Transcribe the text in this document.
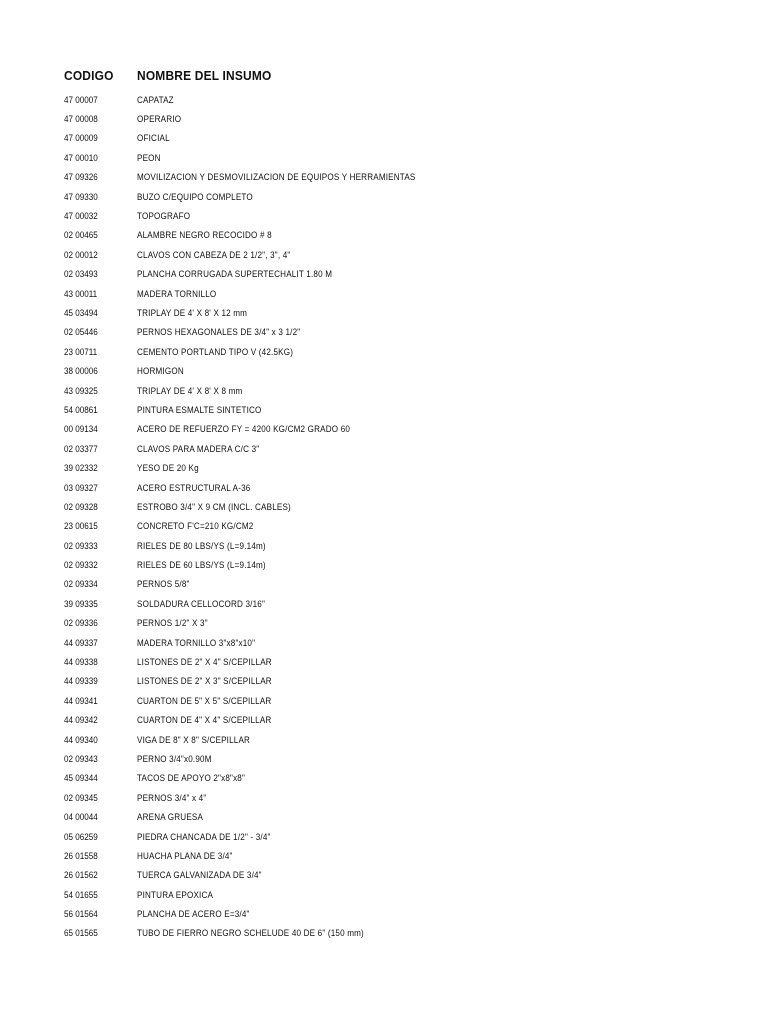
CODIGO	NOMBRE DEL INSUMO
47 00007	CAPATAZ
47 00008	OPERARIO
47 00009	OFICIAL
47 00010	PEON
47 09326	MOVILIZACION Y DESMOVILIZACION DE EQUIPOS Y HERRAMIENTAS
47 09330	BUZO C/EQUIPO COMPLETO
47 00032	TOPOGRAFO
02 00465	ALAMBRE NEGRO RECOCIDO # 8
02 00012	CLAVOS CON CABEZA DE 2 1/2", 3", 4"
02 03493	PLANCHA CORRUGADA SUPERTECHALIT 1.80 M
43 00011	MADERA TORNILLO
45 03494	TRIPLAY DE 4' X 8' X 12 mm
02 05446	PERNOS HEXAGONALES DE 3/4" x 3 1/2"
23 00711	CEMENTO PORTLAND TIPO V (42.5KG)
38 00006	HORMIGON
43 09325	TRIPLAY DE 4' X 8' X 8 mm
54 00861	PINTURA ESMALTE SINTETICO
00 09134	ACERO DE REFUERZO FY = 4200 KG/CM2 GRADO 60
02 03377	CLAVOS PARA MADERA C/C 3"
39 02332	YESO DE 20 Kg
03 09327	ACERO ESTRUCTURAL A-36
02 09328	ESTROBO 3/4" X 9 CM (INCL. CABLES)
23 00615	CONCRETO F'C=210 KG/CM2
02 09333	RIELES DE 80 LBS/YS (L=9.14m)
02 09332	RIELES DE 60 LBS/YS (L=9.14m)
02 09334	PERNOS 5/8"
39 09335	SOLDADURA CELLOCORD 3/16"
02 09336	PERNOS 1/2" X 3"
44 09337	MADERA TORNILLO 3"x8"x10"
44 09338	LISTONES DE 2" X 4" S/CEPILLAR
44 09339	LISTONES DE 2" X 3" S/CEPILLAR
44 09341	CUARTON DE 5" X 5" S/CEPILLAR
44 09342	CUARTON DE 4" X 4" S/CEPILLAR
44 09340	VIGA DE 8" X 8" S/CEPILLAR
02 09343	PERNO 3/4"x0.90M
45 09344	TACOS DE APOYO 2"x8"x8"
02 09345	PERNOS 3/4" x 4"
04 00044	ARENA GRUESA
05 06259	PIEDRA CHANCADA DE 1/2" - 3/4"
26 01558	HUACHA PLANA DE 3/4"
26 01562	TUERCA GALVANIZADA DE 3/4"
54 01655	PINTURA EPOXICA
56 01564	PLANCHA DE ACERO E=3/4"
65 01565	TUBO DE FIERRO NEGRO SCHELUDE 40 DE 6" (150 mm)
